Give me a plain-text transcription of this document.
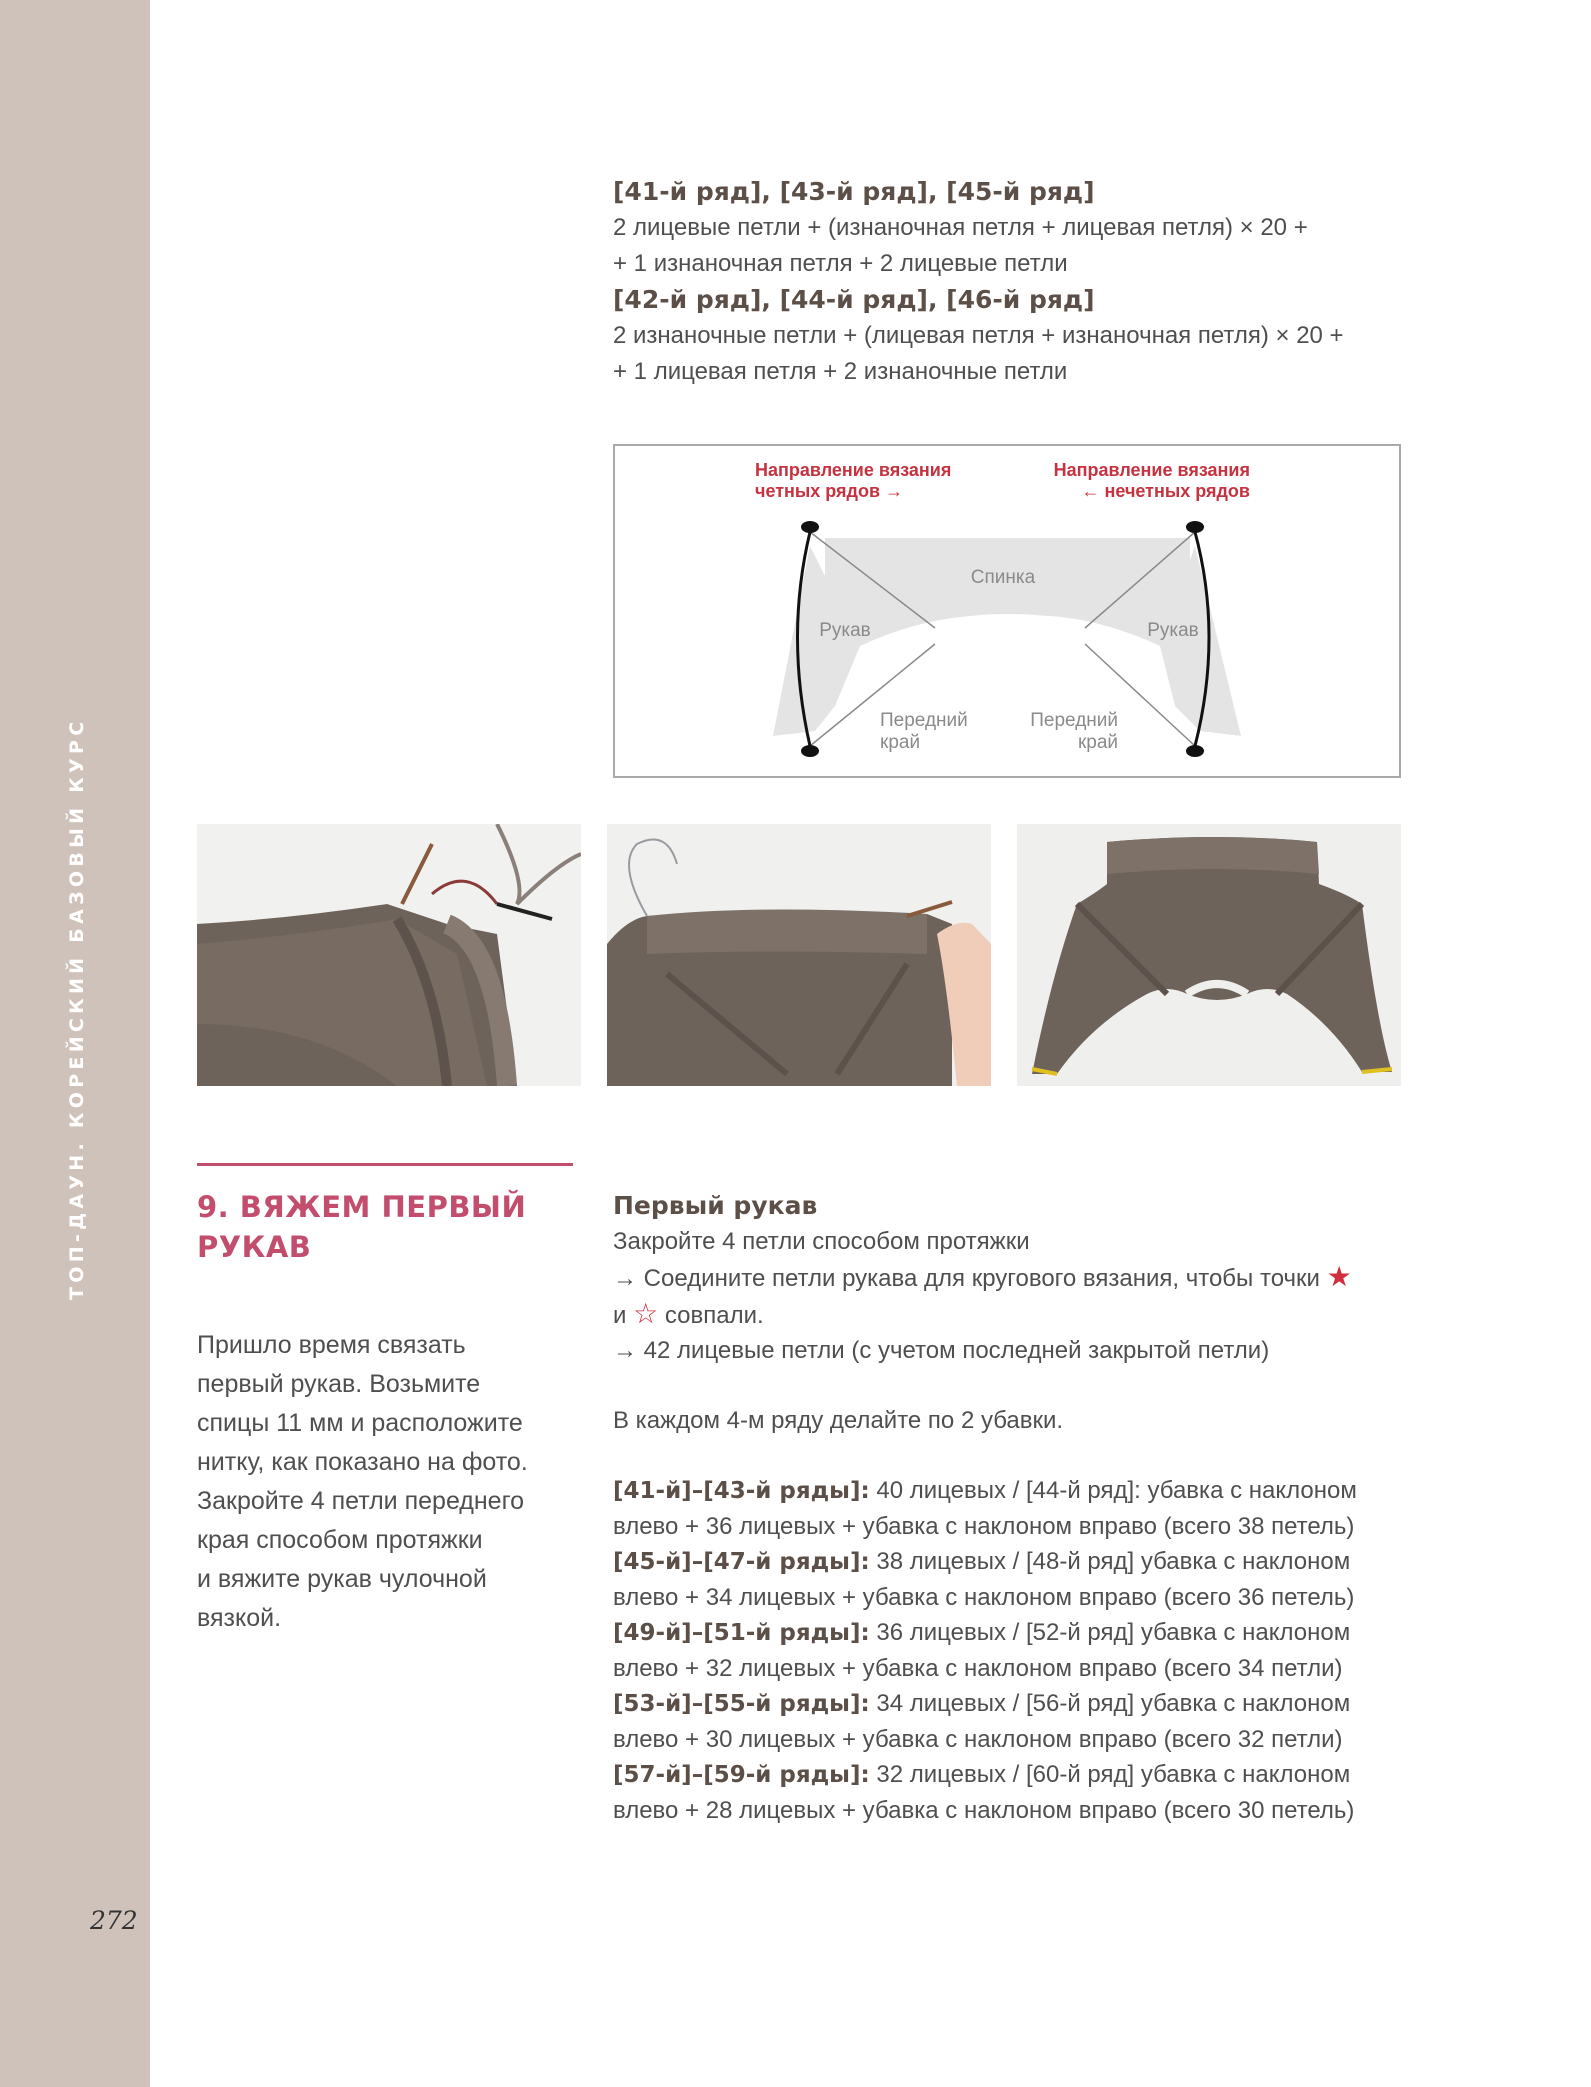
ТОП-ДАУН. КОРЕЙСКИЙ БАЗОВЫЙ КУРС
272
[41-й ряд], [43-й ряд], [45-й ряд]
2 лицевые петли + (изнаночная петля + лицевая петля) × 20 +
+ 1 изнаночная петля + 2 лицевые петли
[42-й ряд], [44-й ряд], [46-й ряд]
2 изнаночные петли + (лицевая петля + изнаночная петля) × 20 +
+ 1 лицевая петля + 2 изнаночные петли
Направление вязания
четных рядов →
Направление вязания
← нечетных рядов
Спинка
Рукав	Рукав
Передний
край
Передний
край
9. ВЯЖЕМ ПЕРВЫЙ
РУКАВ
Пришло время связать
первый рукав. Возьмите
спицы 11 мм и расположите
нитку, как показано на фото.
Закройте 4 петли переднего
края способом протяжки
и вяжите рукав чулочной
вязкой.
Первый рукав
Закройте 4 петли способом протяжки
→ Соедините петли рукава для кругового вязания, чтобы точки ★
и ☆ совпали.
→ 42 лицевые петли (с учетом последней закрытой петли)
В каждом 4-м ряду делайте по 2 убавки.
[41-й]–[43-й ряды]: 40 лицевых / [44-й ряд]: убавка с наклоном
влево + 36 лицевых + убавка с наклоном вправо (всего 38 петель)
[45-й]–[47-й ряды]: 38 лицевых / [48-й ряд] убавка с наклоном
влево + 34 лицевых + убавка с наклоном вправо (всего 36 петель)
[49-й]–[51-й ряды]: 36 лицевых / [52-й ряд] убавка с наклоном
влево + 32 лицевых + убавка с наклоном вправо (всего 34 петли)
[53-й]–[55-й ряды]: 34 лицевых / [56-й ряд] убавка с наклоном
влево + 30 лицевых + убавка с наклоном вправо (всего 32 петли)
[57-й]–[59-й ряды]: 32 лицевых / [60-й ряд] убавка с наклоном
влево + 28 лицевых + убавка с наклоном вправо (всего 30 петель)
